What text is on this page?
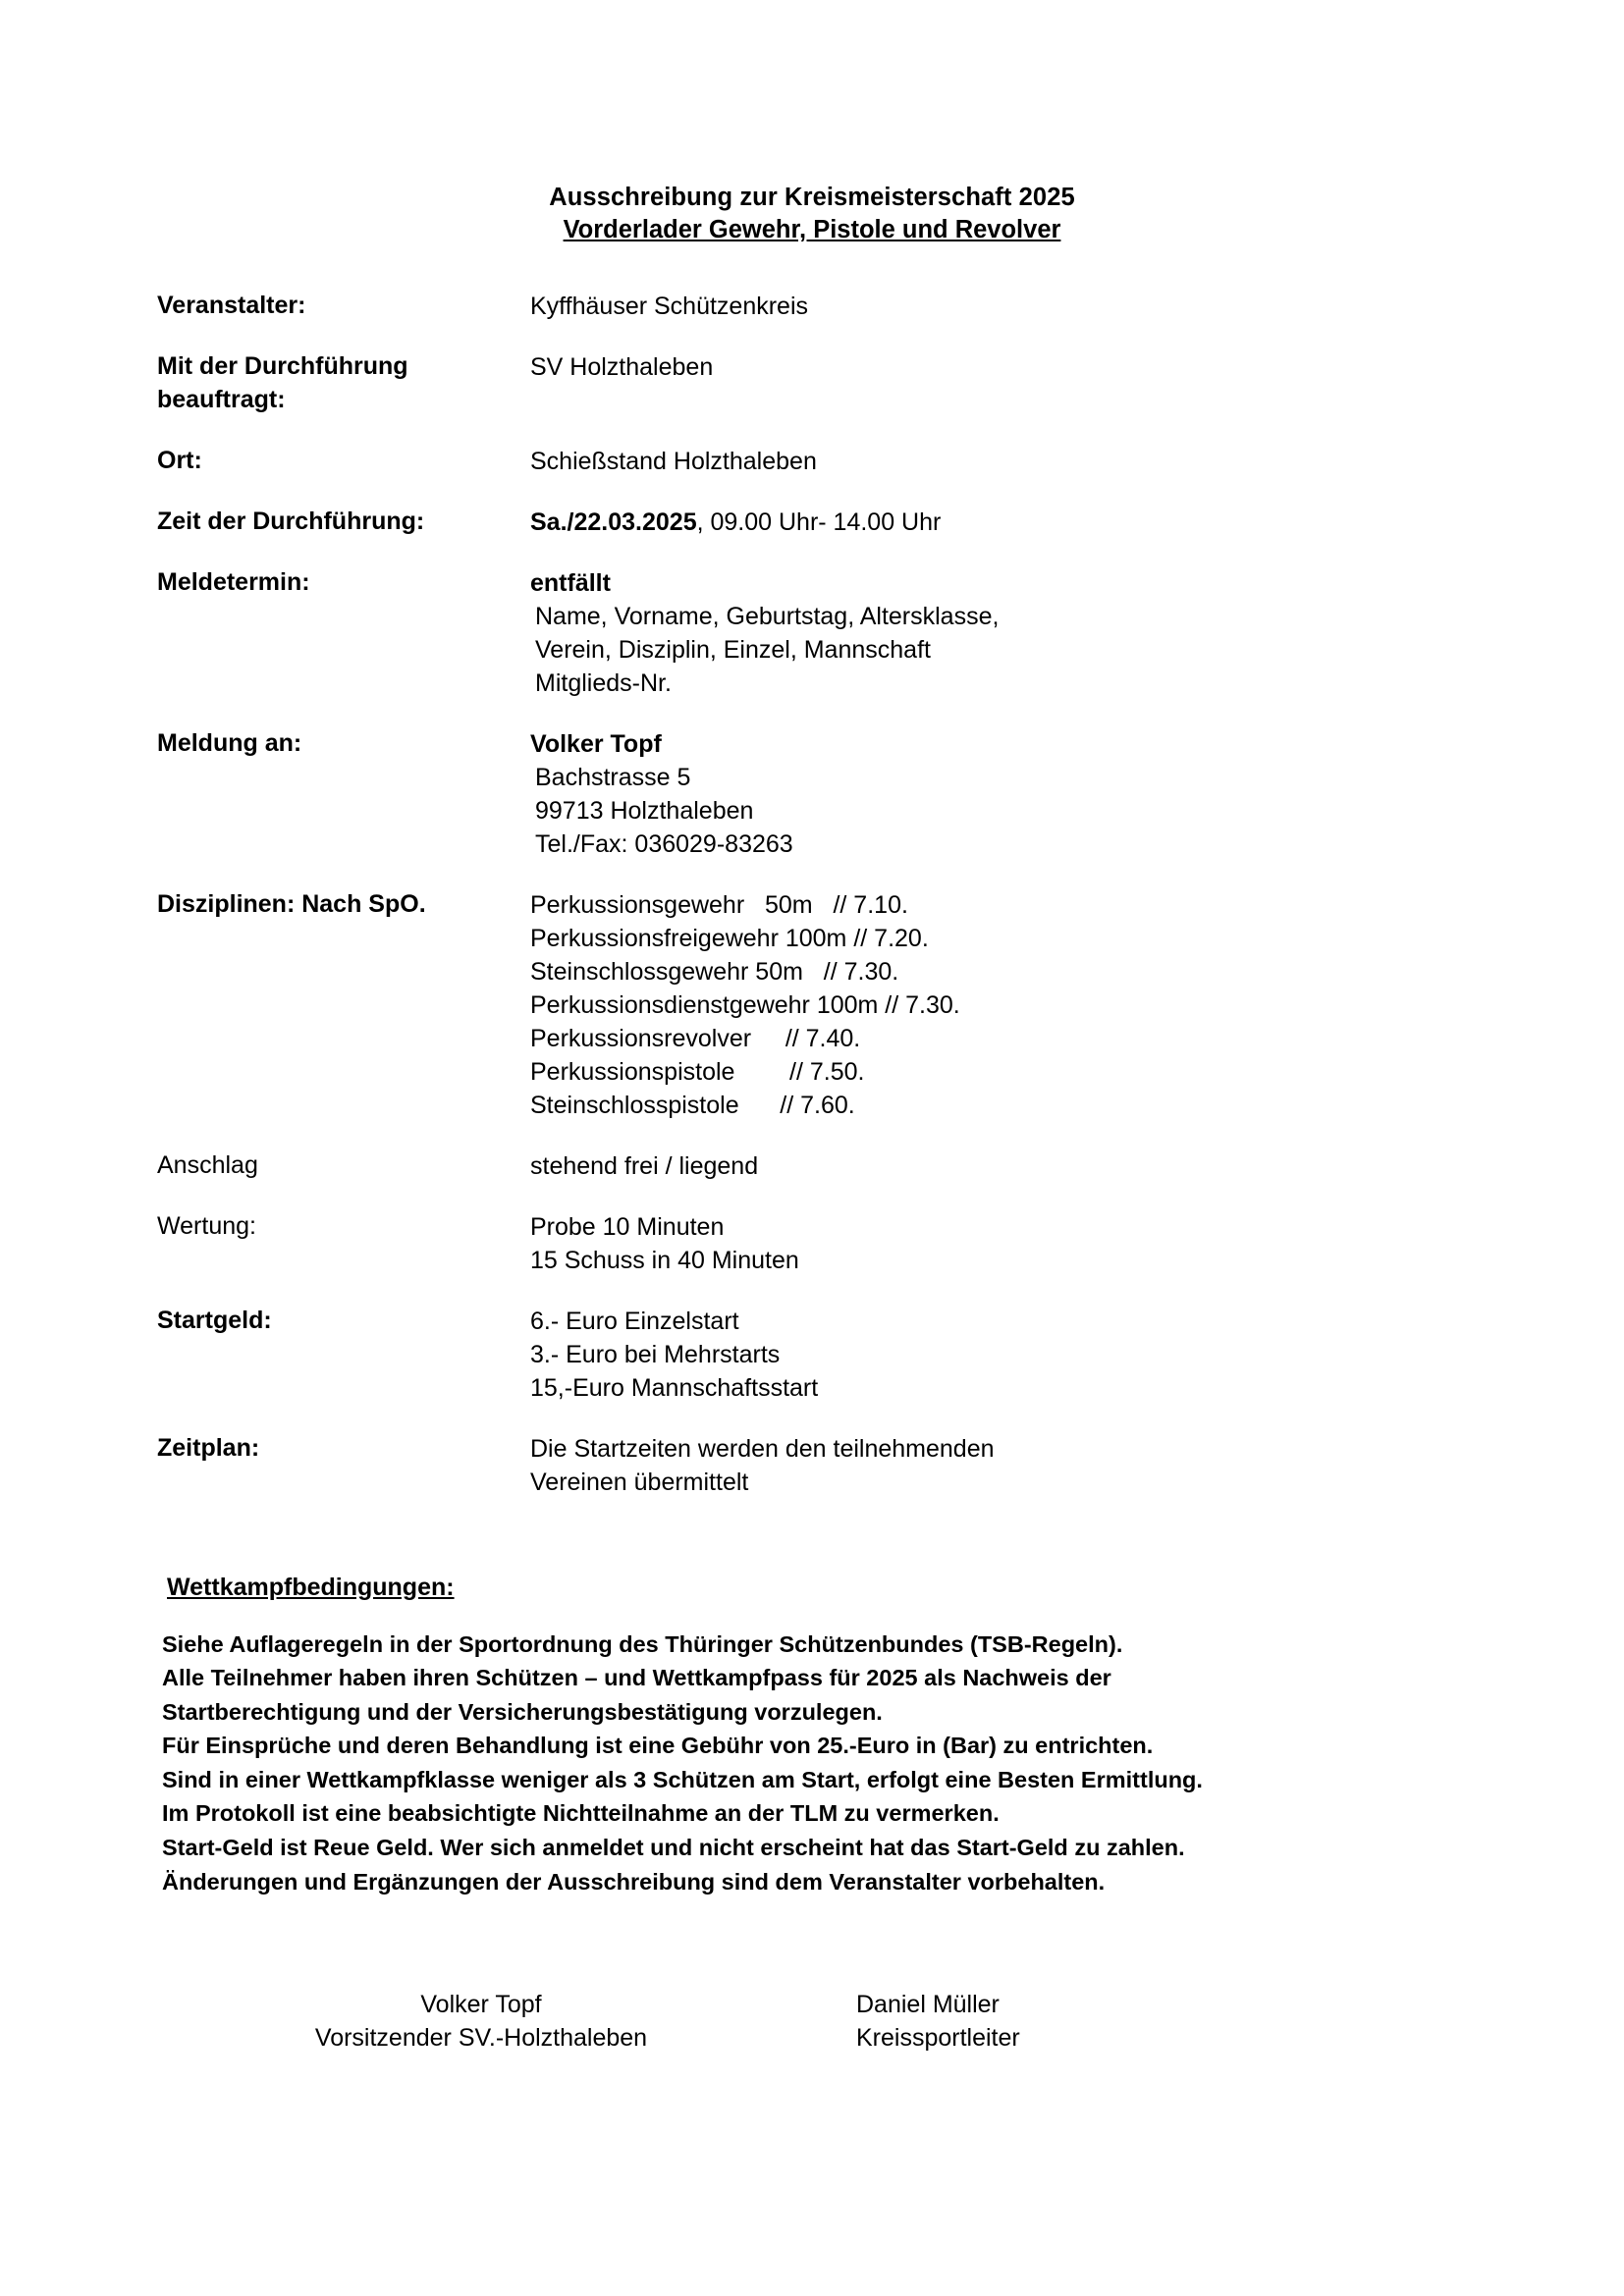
Ausschreibung zur Kreismeisterschaft 2025
Vorderlader Gewehr, Pistole und Revolver
Veranstalter:	Kyffhäuser Schützenkreis
Mit der Durchführung beauftragt:
SV Holzthaleben
Ort:	Schießstand Holzthaleben
Zeit der Durchführung:	Sa./22.03.2025, 09.00 Uhr- 14.00 Uhr
Meldetermin:	entfällt
Name, Vorname, Geburtstag, Altersklasse,
Verein, Disziplin, Einzel, Mannschaft
Mitglieds-Nr.
Meldung an:	Volker Topf
Bachstrasse 5
99713 Holzthaleben
Tel./Fax: 036029-83263
Disziplinen: Nach SpO.	Perkussionsgewehr   50m   // 7.10.
Perkussionsfreigewehr 100m // 7.20.
Steinschlossgewehr 50m   // 7.30.
Perkussionsdienstgewehr 100m // 7.30.
Perkussionsrevolver     // 7.40.
Perkussionspistole        // 7.50.
Steinschlosspistole      // 7.60.
Anschlag	stehend frei / liegend
Wertung:	Probe 10 Minuten
15 Schuss in 40 Minuten
Startgeld:	6.- Euro Einzelstart
3.- Euro bei Mehrstarts
15,-Euro Mannschaftsstart
Zeitplan:	Die Startzeiten werden den teilnehmenden
Vereinen übermittelt
Wettkampfbedingungen:
Siehe Auflageregeln in der Sportordnung des Thüringer Schützenbundes (TSB-Regeln).
Alle Teilnehmer haben ihren Schützen – und Wettkampfpass für 2025 als Nachweis der
Startberechtigung und der Versicherungsbestätigung vorzulegen.
Für Einsprüche und deren Behandlung ist eine Gebühr von 25.-Euro in (Bar) zu entrichten.
Sind in einer Wettkampfklasse weniger als 3 Schützen am Start, erfolgt eine Besten Ermittlung.
Im Protokoll ist eine beabsichtigte Nichtteilnahme an der TLM zu vermerken.
Start-Geld ist Reue Geld. Wer sich anmeldet und nicht erscheint hat das Start-Geld zu zahlen.
Änderungen und Ergänzungen der Ausschreibung sind dem Veranstalter vorbehalten.
Volker Topf
Vorsitzender SV.-Holzthaleben
Daniel Müller
Kreissportleiter
